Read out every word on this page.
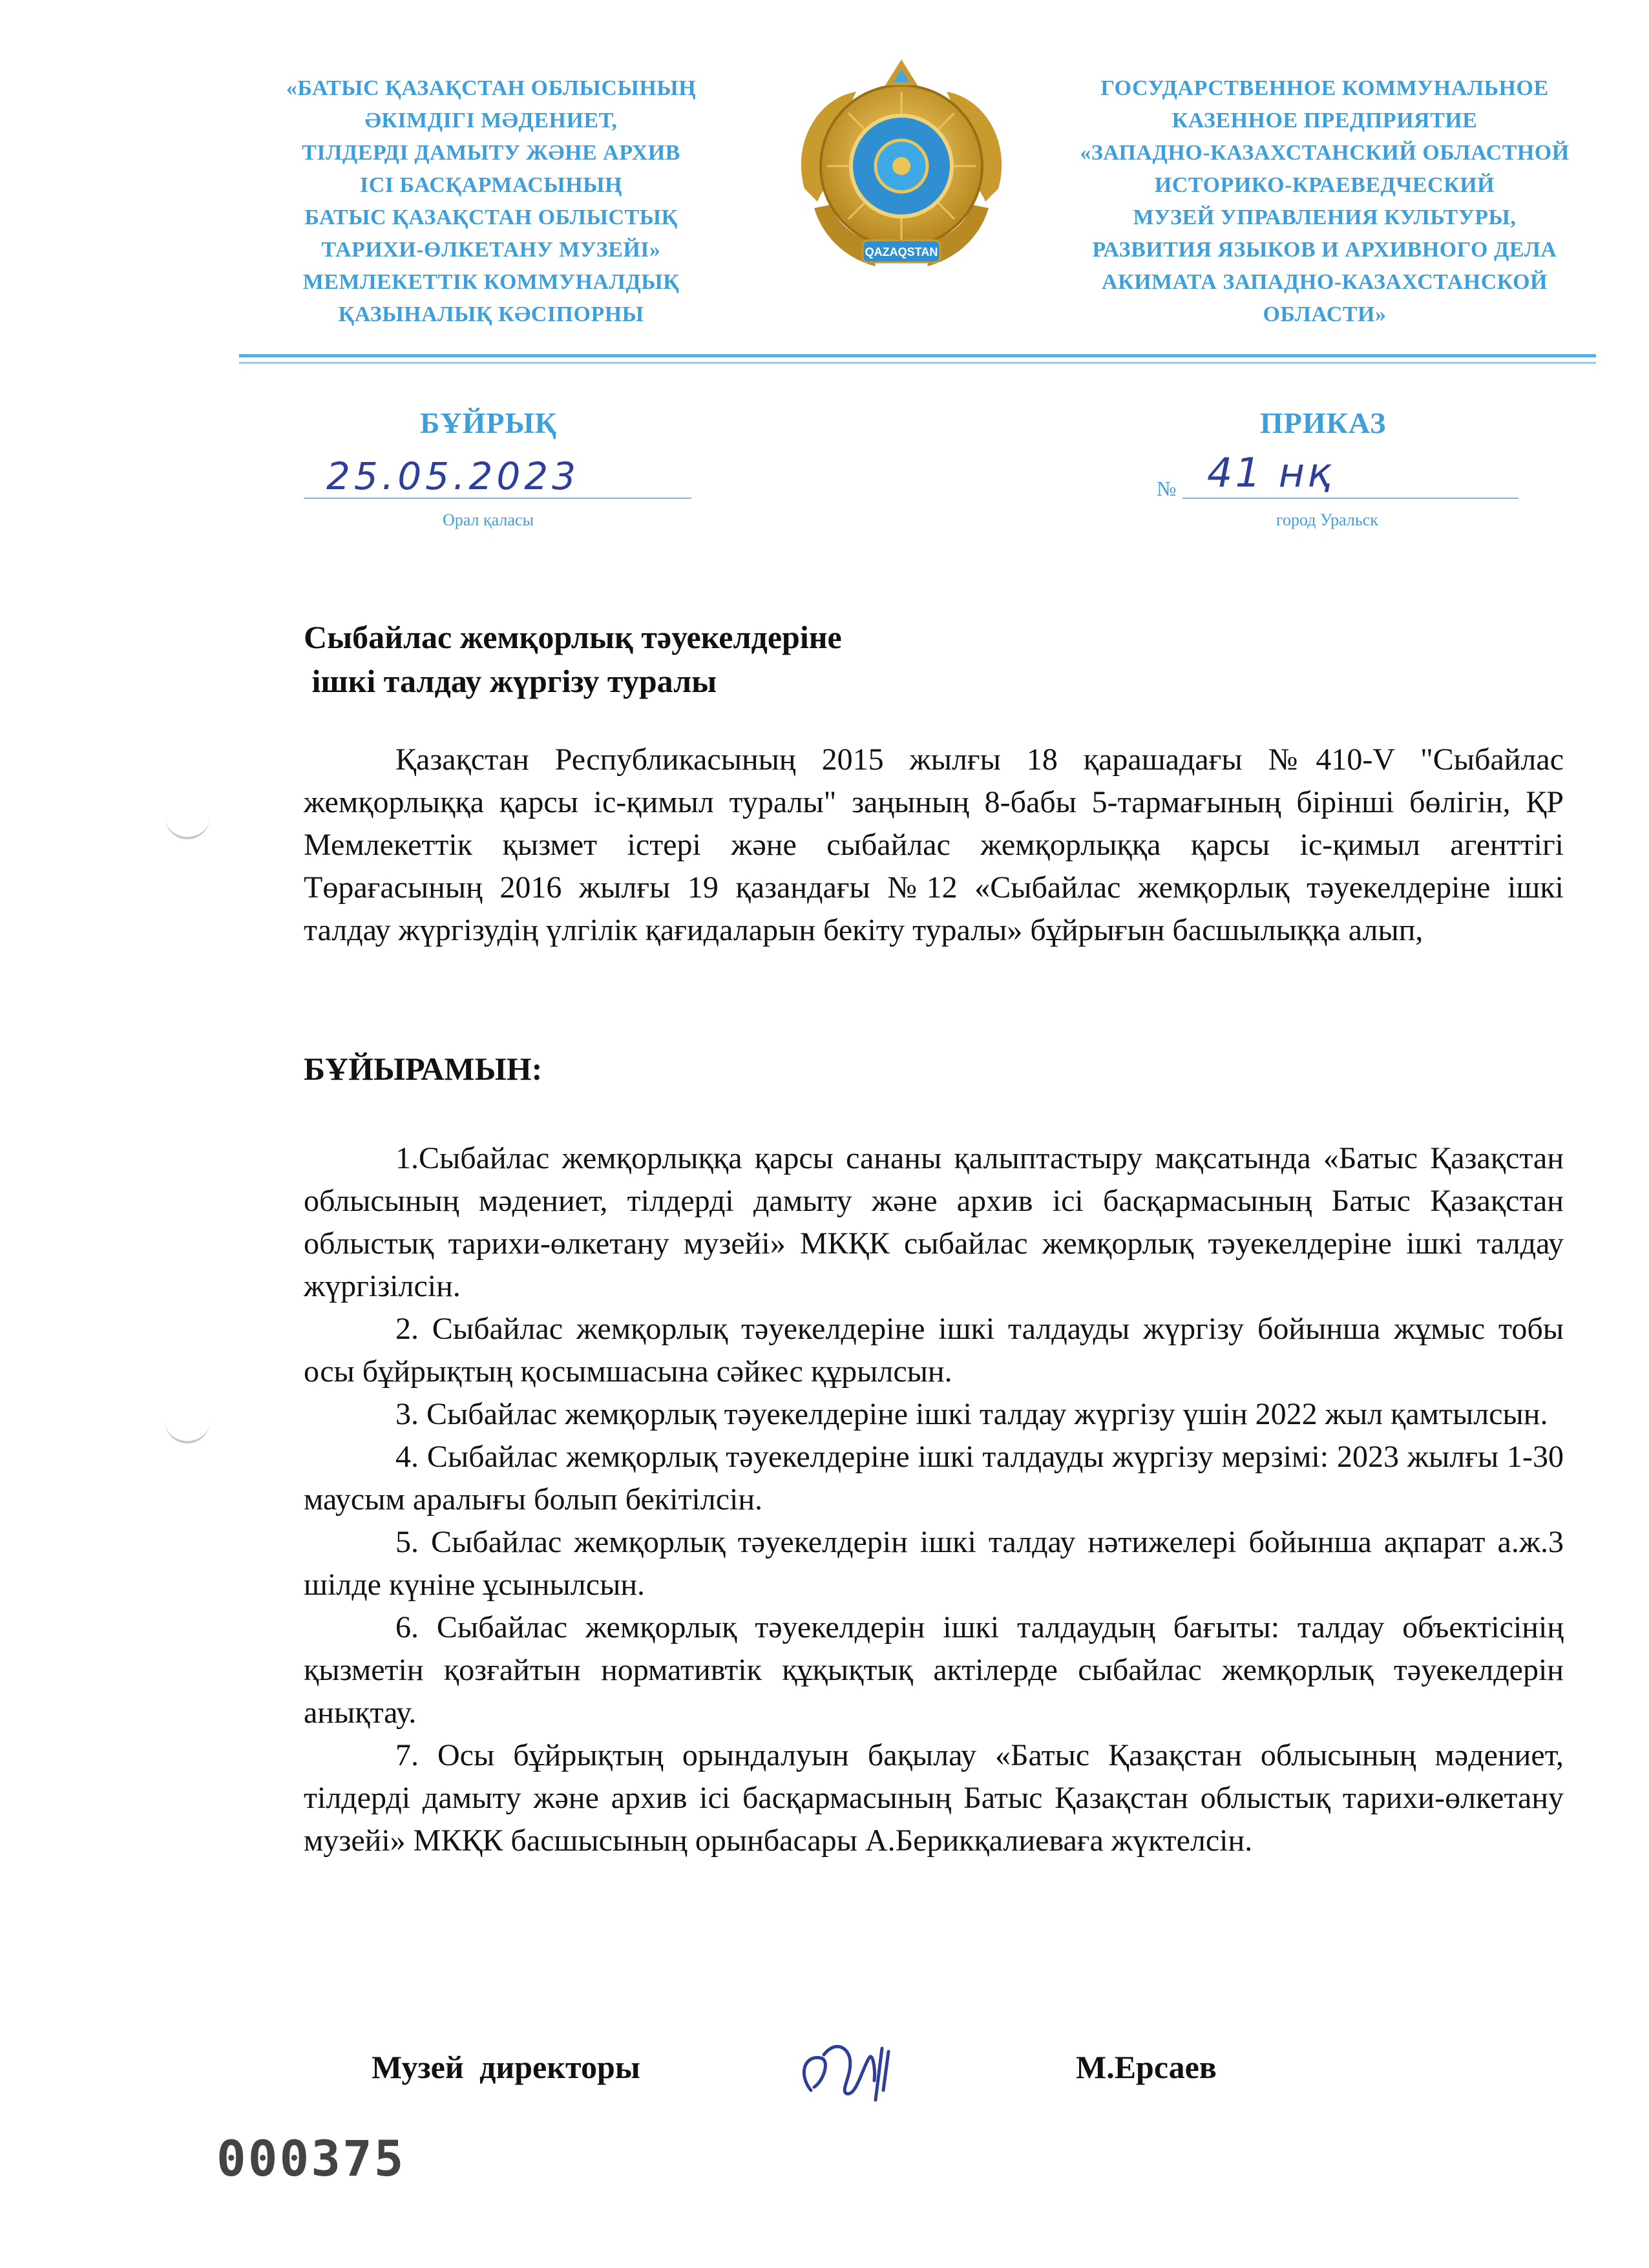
«БАТЫС ҚАЗАҚСТАН ОБЛЫСЫНЫҢ
ӘКІМДІГІ МӘДЕНИЕТ,
ТІЛДЕРДІ ДАМЫТУ ЖӘНЕ АРХИВ
ІСІ БАСҚАРМАСЫНЫҢ
БАТЫС ҚАЗАҚСТАН ОБЛЫСТЫҚ
ТАРИХИ-ӨЛКЕТАНУ МУЗЕЙІ»
МЕМЛЕКЕТТІК КОММУНАЛДЫҚ
ҚАЗЫНАЛЫҚ КӘСІПОРНЫ
QAZAQSTAN
ГОСУДАРСТВЕННОЕ КОММУНАЛЬНОЕ
КАЗЕННОЕ ПРЕДПРИЯТИЕ
«ЗАПАДНО-КАЗАХСТАНСКИЙ ОБЛАСТНОЙ
ИСТОРИКО-КРАЕВЕДЧЕСКИЙ
МУЗЕЙ УПРАВЛЕНИЯ КУЛЬТУРЫ,
РАЗВИТИЯ ЯЗЫКОВ И АРХИВНОГО ДЕЛА
АКИМАТА ЗАПАДНО-КАЗАХСТАНСКОЙ
ОБЛАСТИ»
БҰЙРЫҚ	ПРИКАЗ
25.05.2023	№ 41 нқ
Орал қаласы	город Уральск
Сыбайлас жемқорлық тәуекелдеріне
ішкі талдау жүргізу туралы

Қазақстан Республикасының 2015 жылғы 18 қарашадағы №410-V "Сыбайлас жемқорлыққа қарсы іс-қимыл туралы" заңының 8-бабы 5-тармағының бірінші бөлігін, ҚР Мемлекеттік қызмет істері және сыбайлас жемқорлыққа қарсы іс-қимыл агенттігі Төрағасының 2016 жылғы 19 қазандағы №12 «Сыбайлас жемқорлық тәуекелдеріне ішкі талдау жүргізудің үлгілік қағидаларын бекіту туралы» бұйрығын басшылыққа алып,

БҰЙЫРАМЫН:

1.Сыбайлас жемқорлыққа қарсы сананы қалыптастыру мақсатында «Батыс Қазақстан облысының мәдениет, тілдерді дамыту және архив ісі басқармасының Батыс Қазақстан облыстық тарихи-өлкетану музейі» МКҚК сыбайлас жемқорлық тәуекелдеріне ішкі талдау жүргізілсін.

2. Сыбайлас жемқорлық тәуекелдеріне ішкі талдауды жүргізу бойынша жұмыс тобы осы бұйрықтың қосымшасына сәйкес құрылсын.

3. Сыбайлас жемқорлық тәуекелдеріне ішкі талдау жүргізу үшін 2022 жыл қамтылсын.

4. Сыбайлас жемқорлық тәуекелдеріне ішкі талдауды жүргізу мерзімі: 2023 жылғы 1-30 маусым аралығы болып бекітілсін.

5. Сыбайлас жемқорлық тәуекелдерін ішкі талдау нәтижелері бойынша ақпарат а.ж.3 шілде күніне ұсынылсын.

6. Сыбайлас жемқорлық тәуекелдерін ішкі талдаудың бағыты: талдау объектісінің қызметін қозғайтын нормативтік құқықтық актілерде сыбайлас жемқорлық тәуекелдерін анықтау.

7. Осы бұйрықтың орындалуын бақылау «Батыс Қазақстан облысының мәдениет, тілдерді дамыту және архив ісі басқармасының Батыс Қазақстан облыстық тарихи-өлкетану музейі» МКҚК басшысының орынбасары А.Берикқалиеваға жүктелсін.

Музей директоры	М.Ерсаев
000375
